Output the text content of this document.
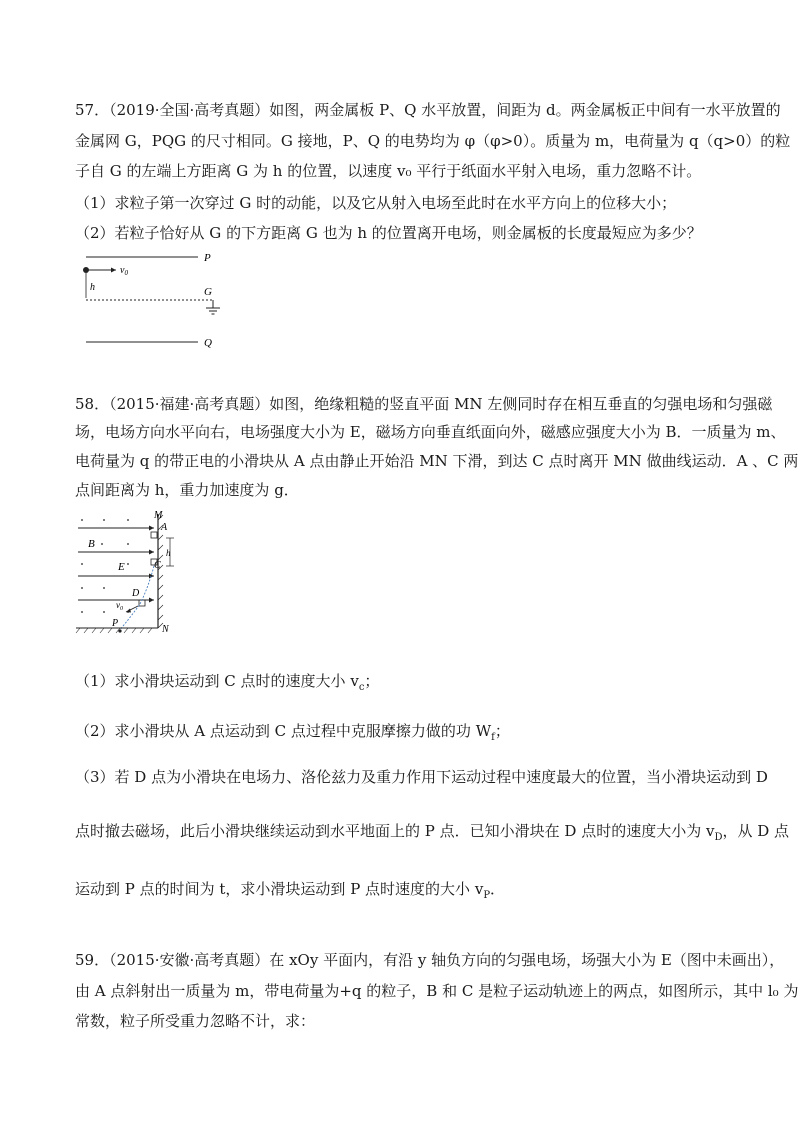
57．（2019·全国·高考真题）如图，两金属板 P、Q 水平放置，间距为 d。两金属板正中间有一水平放置的
金属网 G，PQG 的尺寸相同。G 接地，P、Q 的电势均为 φ（φ>0）。质量为 m，电荷量为 q（q>0）的粒
子自 G 的左端上方距离 G 为 h 的位置，以速度 v₀ 平行于纸面水平射入电场，重力忽略不计。
（1）求粒子第一次穿过 G 时的动能，以及它从射入电场至此时在水平方向上的位移大小；
（2）若粒子恰好从 G 的下方距离 G 也为 h 的位置离开电场，则金属板的长度最短应为多少？
P
$v_0$
h	G
Q
58．（2015·福建·高考真题）如图，绝缘粗糙的竖直平面 MN 左侧同时存在相互垂直的匀强电场和匀强磁
场，电场方向水平向右，电场强度大小为 E，磁场方向垂直纸面向外，磁感应强度大小为 B．一质量为 m、
电荷量为 q 的带正电的小滑块从 A 点由静止开始沿 MN 下滑，到达 C 点时离开 MN 做曲线运动．A 、C 两
点间距离为 h，重力加速度为 g．
B
E
M
A
C
N
h
D
$v_0$
P
（1）求小滑块运动到 C 点时的速度大小 $v_c$；
（2）求小滑块从 A 点运动到 C 点过程中克服摩擦力做的功 $W_f$；
（3）若 D 点为小滑块在电场力、洛伦兹力及重力作用下运动过程中速度最大的位置，当小滑块运动到 D
点时撤去磁场，此后小滑块继续运动到水平地面上的 P 点．已知小滑块在 D 点时的速度大小为 $v_D$，从 D 点
运动到 P 点的时间为 t，求小滑块运动到 P 点时速度的大小 $v_P$．
59．（2015·安徽·高考真题）在 xOy 平面内，有沿 y 轴负方向的匀强电场，场强大小为 E（图中未画出），
由 A 点斜射出一质量为 m，带电荷量为+q 的粒子，B 和 C 是粒子运动轨迹上的两点，如图所示，其中 l₀ 为
常数，粒子所受重力忽略不计，求：
